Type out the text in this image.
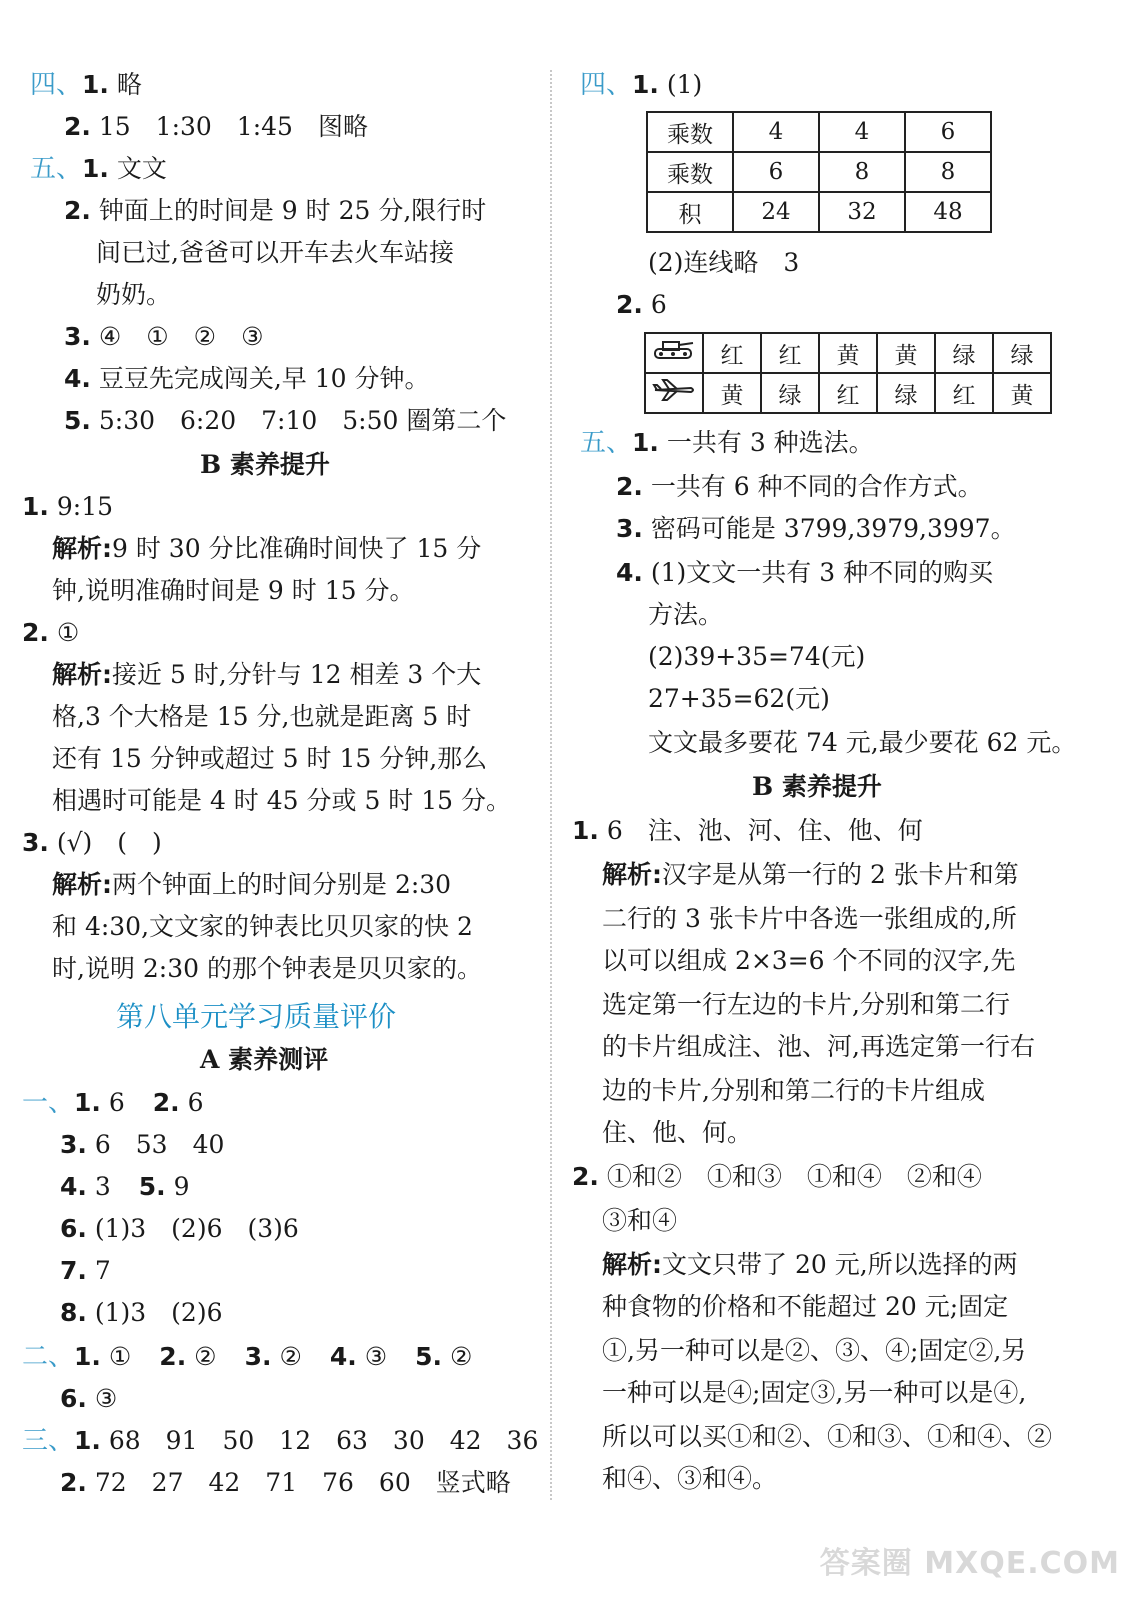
四、1. 略
2. 15　1:30　1:45　图略
五、1. 文文
2. 钟面上的时间是 9 时 25 分,限行时
间已过,爸爸可以开车去火车站接
奶奶。
3. ④　①　②　③
4. 豆豆先完成闯关,早 10 分钟。
5. 5:30　6:20　7:10　5:50 圈第二个
B 素养提升
1. 9:15
解析:9 时 30 分比准确时间快了 15 分
钟,说明准确时间是 9 时 15 分。
2. ①
解析:接近 5 时,分针与 12 相差 3 个大
格,3 个大格是 15 分,也就是距离 5 时
还有 15 分钟或超过 5 时 15 分钟,那么
相遇时可能是 4 时 45 分或 5 时 15 分。
3. (√)　(　)
解析:两个钟面上的时间分别是 2:30
和 4:30,文文家的钟表比贝贝家的快 2
时,说明 2:30 的那个钟表是贝贝家的。
第八单元学习质量评价
A 素养测评
一、1. 6 2. 6
3. 6　53　40
4. 3 5. 9
6. (1)3　(2)6　(3)6
7. 7
8. (1)3　(2)6
二、1. ① 2. ② 3. ② 4. ③ 5. ②
6. ③
三、1. 68　91　50　12　63　30　42　36
2. 72　27　42　71　76　60　竖式略
四、1. (1)
乘数	4	4	6
乘数	6	8	8
积	24	32	48
(2)连线略　3
2. 6
	红	红	黄	黄	绿	绿
	黄	绿	红	绿	红	黄
五、1. 一共有 3 种选法。
2. 一共有 6 种不同的合作方式。
3. 密码可能是 3799,3979,3997。
4. (1)文文一共有 3 种不同的购买
方法。
(2)39+35=74(元)
27+35=62(元)
文文最多要花 74 元,最少要花 62 元。
B 素养提升
1. 6　注、池、河、住、他、何
解析:汉字是从第一行的 2 张卡片和第
二行的 3 张卡片中各选一张组成的,所
以可以组成 2×3=6 个不同的汉字,先
选定第一行左边的卡片,分别和第二行
的卡片组成注、池、河,再选定第一行右
边的卡片,分别和第二行的卡片组成
住、他、何。
2. ①和②　①和③　①和④　②和④
③和④
解析:文文只带了 20 元,所以选择的两
种食物的价格和不能超过 20 元;固定
①,另一种可以是②、③、④;固定②,另
一种可以是④;固定③,另一种可以是④,
所以可以买①和②、①和③、①和④、②
和④、③和④。
答案圈 MXQE.COM
